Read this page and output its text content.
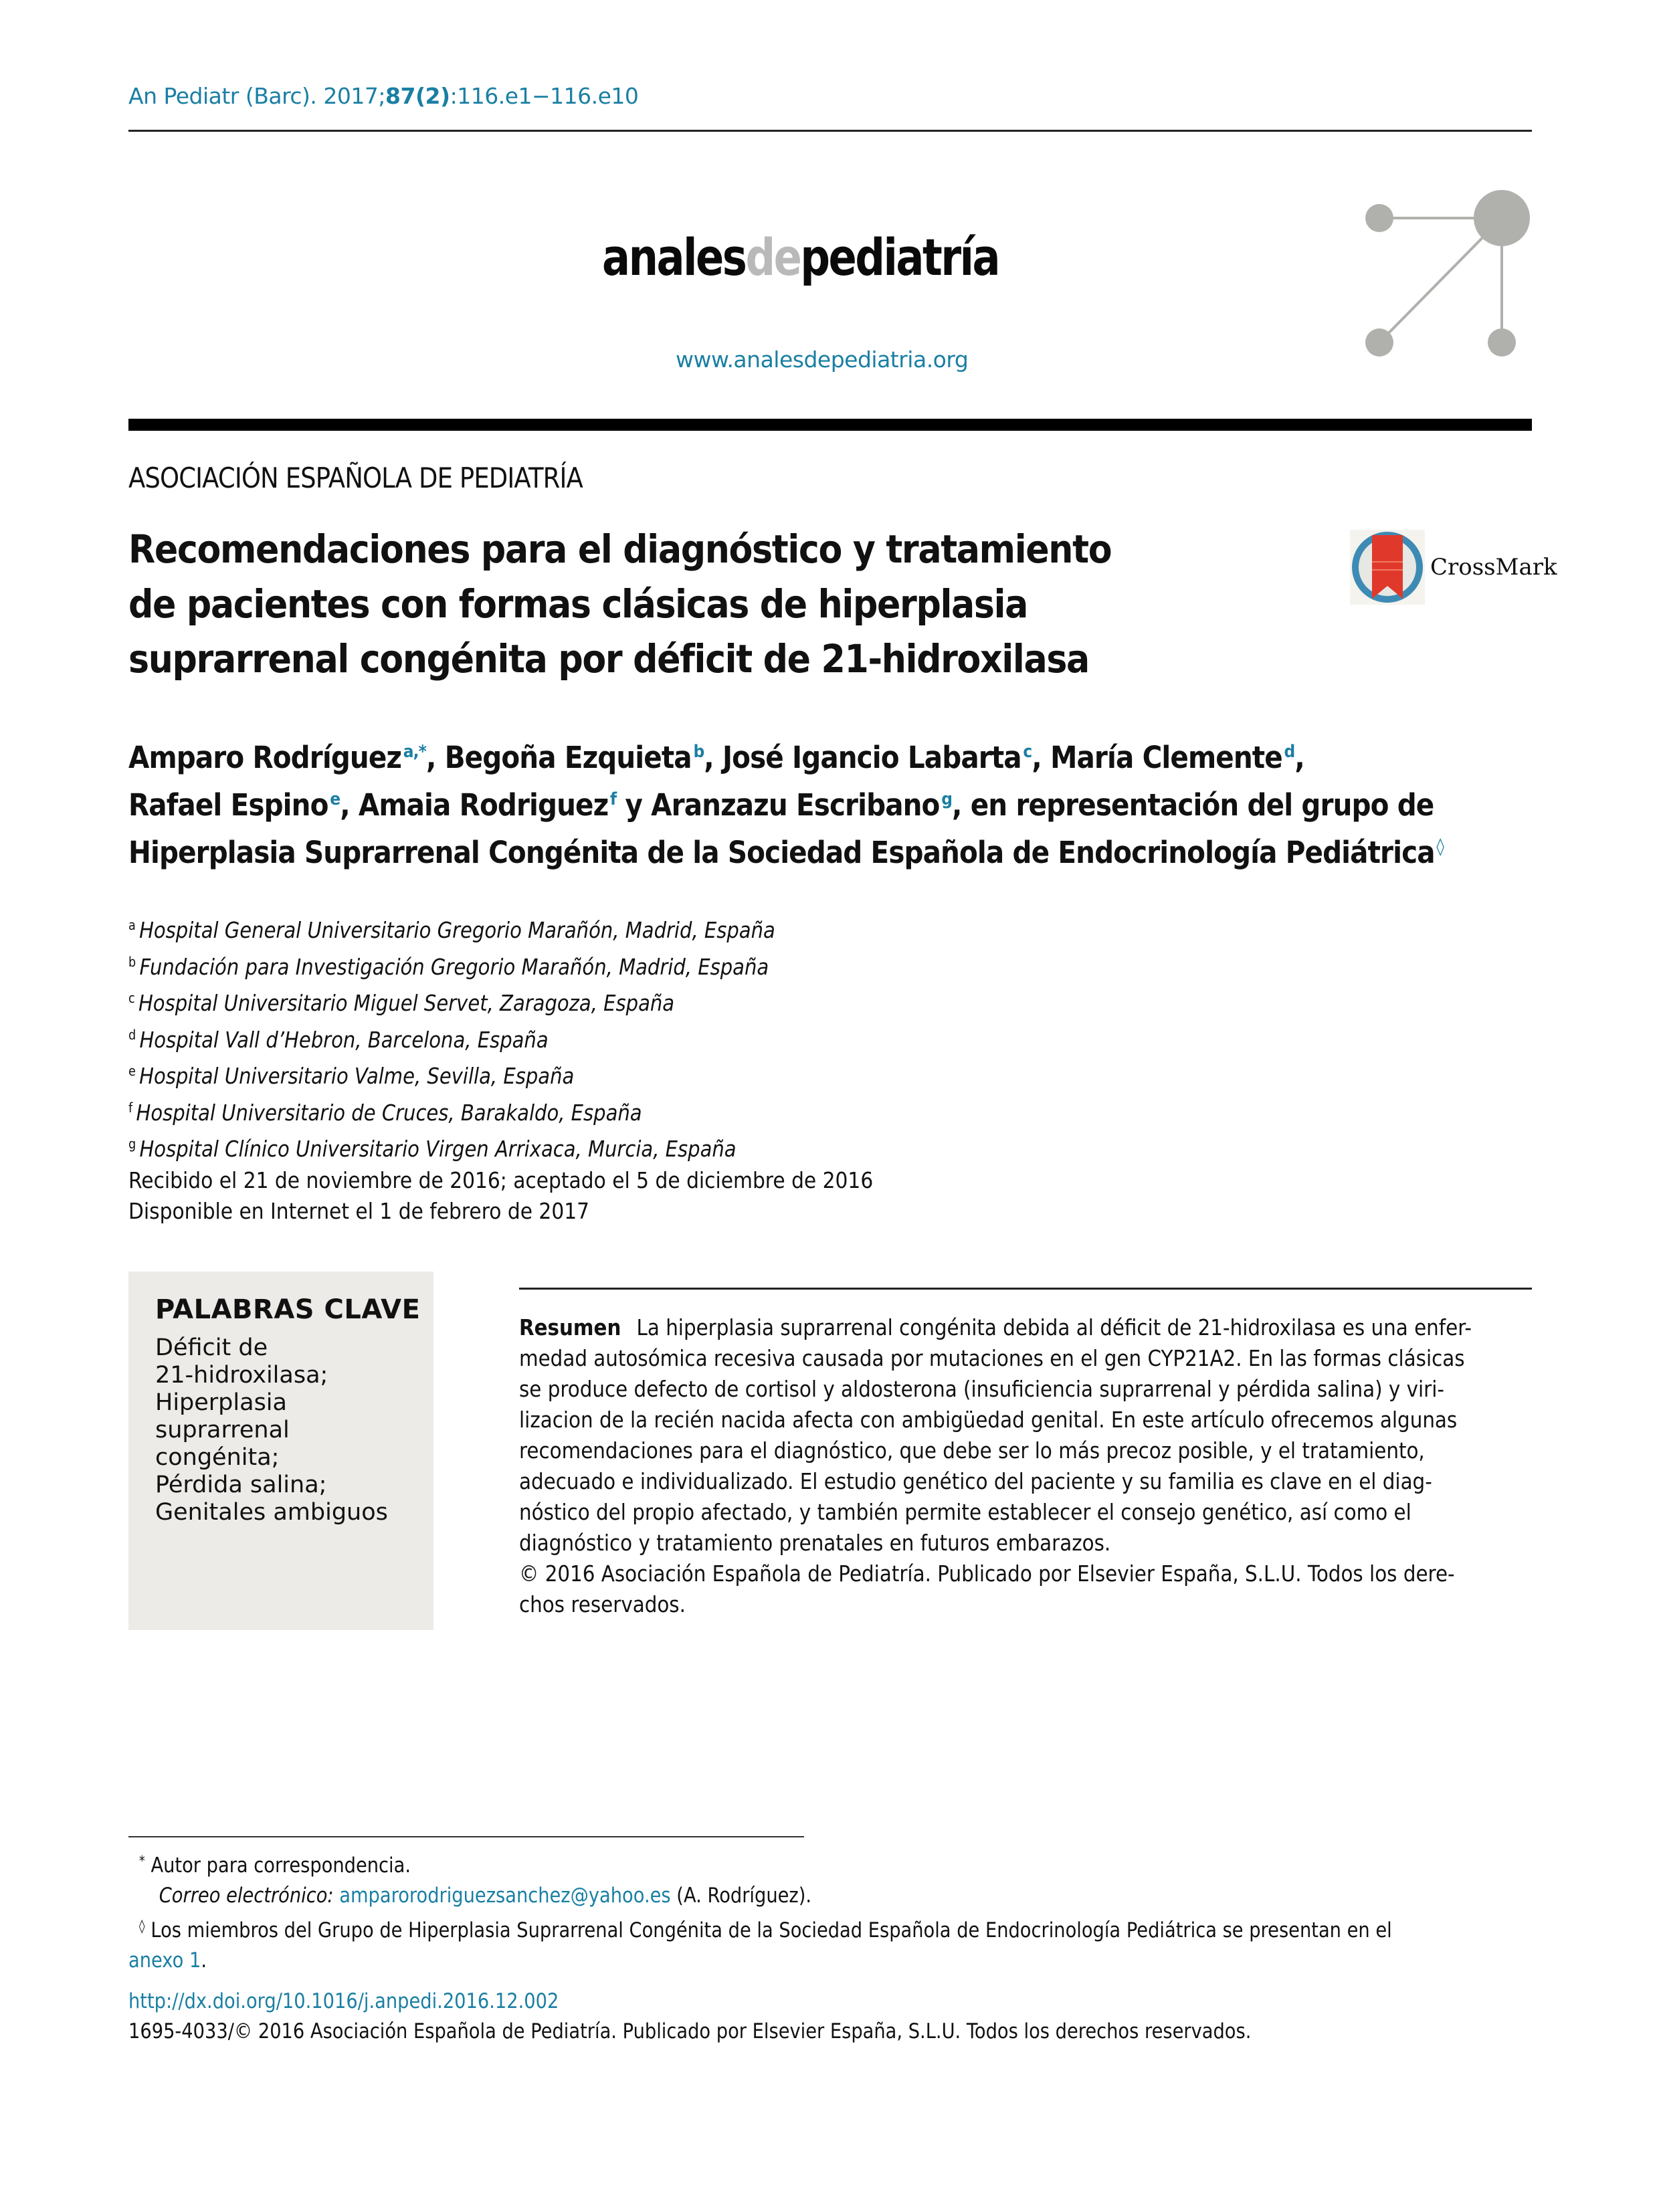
An Pediatr (Barc). 2017;87(2):116.e1−116.e10
analesdepediatría
www.analesdepediatria.org
ASOCIACIÓN ESPAÑOLA DE PEDIATRÍA
Recomendaciones para el diagnóstico y tratamiento
de pacientes con formas clásicas de hiperplasia
suprarrenal congénita por déficit de 21-hidroxilasa
CrossMark
Amparo Rodríguez $^{a,*}$, Begoña Ezquieta $^b$, José Igancio Labarta $^c$, María Clemente $^d$,
Rafael Espino $^e$, Amaia Rodriguez $^f$ y Aranzazu Escribano $^g$, en representación del grupo de
Hiperplasia Suprarrenal Congénita de la Sociedad Española de Endocrinología Pediátrica ◊
$^a$ Hospital General Universitario Gregorio Marañón, Madrid, España
$^b$ Fundación para Investigación Gregorio Marañón, Madrid, España
$^c$ Hospital Universitario Miguel Servet, Zaragoza, España
$^d$ Hospital Vall d’Hebron, Barcelona, España
$^e$ Hospital Universitario Valme, Sevilla, España
$^f$ Hospital Universitario de Cruces, Barakaldo, España
$^g$ Hospital Clínico Universitario Virgen Arrixaca, Murcia, España
Recibido el 21 de noviembre de 2016; aceptado el 5 de diciembre de 2016
Disponible en Internet el 1 de febrero de 2017
PALABRAS CLAVE
Déficit de
21-hidroxilasa;
Hiperplasia
suprarrenal
congénita;
Pérdida salina;
Genitales ambiguos
Resumen La hiperplasia suprarrenal congénita debida al déficit de 21-hidroxilasa es una enfer-
medad autosómica recesiva causada por mutaciones en el gen CYP21A2. En las formas clásicas
se produce defecto de cortisol y aldosterona (insuficiencia suprarrenal y pérdida salina) y viri-
lizacion de la recién nacida afecta con ambigüedad genital. En este artículo ofrecemos algunas
recomendaciones para el diagnóstico, que debe ser lo más precoz posible, y el tratamiento,
adecuado e individualizado. El estudio genético del paciente y su familia es clave en el diag-
nóstico del propio afectado, y también permite establecer el consejo genético, así como el
diagnóstico y tratamiento prenatales en futuros embarazos.
© 2016 Asociación Española de Pediatría. Publicado por Elsevier España, S.L.U. Todos los dere-
chos reservados.
* Autor para correspondencia.
Correo electrónico: amparorodriguezsanchez@yahoo.es (A. Rodríguez).
◊ Los miembros del Grupo de Hiperplasia Suprarrenal Congénita de la Sociedad Española de Endocrinología Pediátrica se presentan en el
anexo 1.
http://dx.doi.org/10.1016/j.anpedi.2016.12.002
1695-4033/© 2016 Asociación Española de Pediatría. Publicado por Elsevier España, S.L.U. Todos los derechos reservados.
